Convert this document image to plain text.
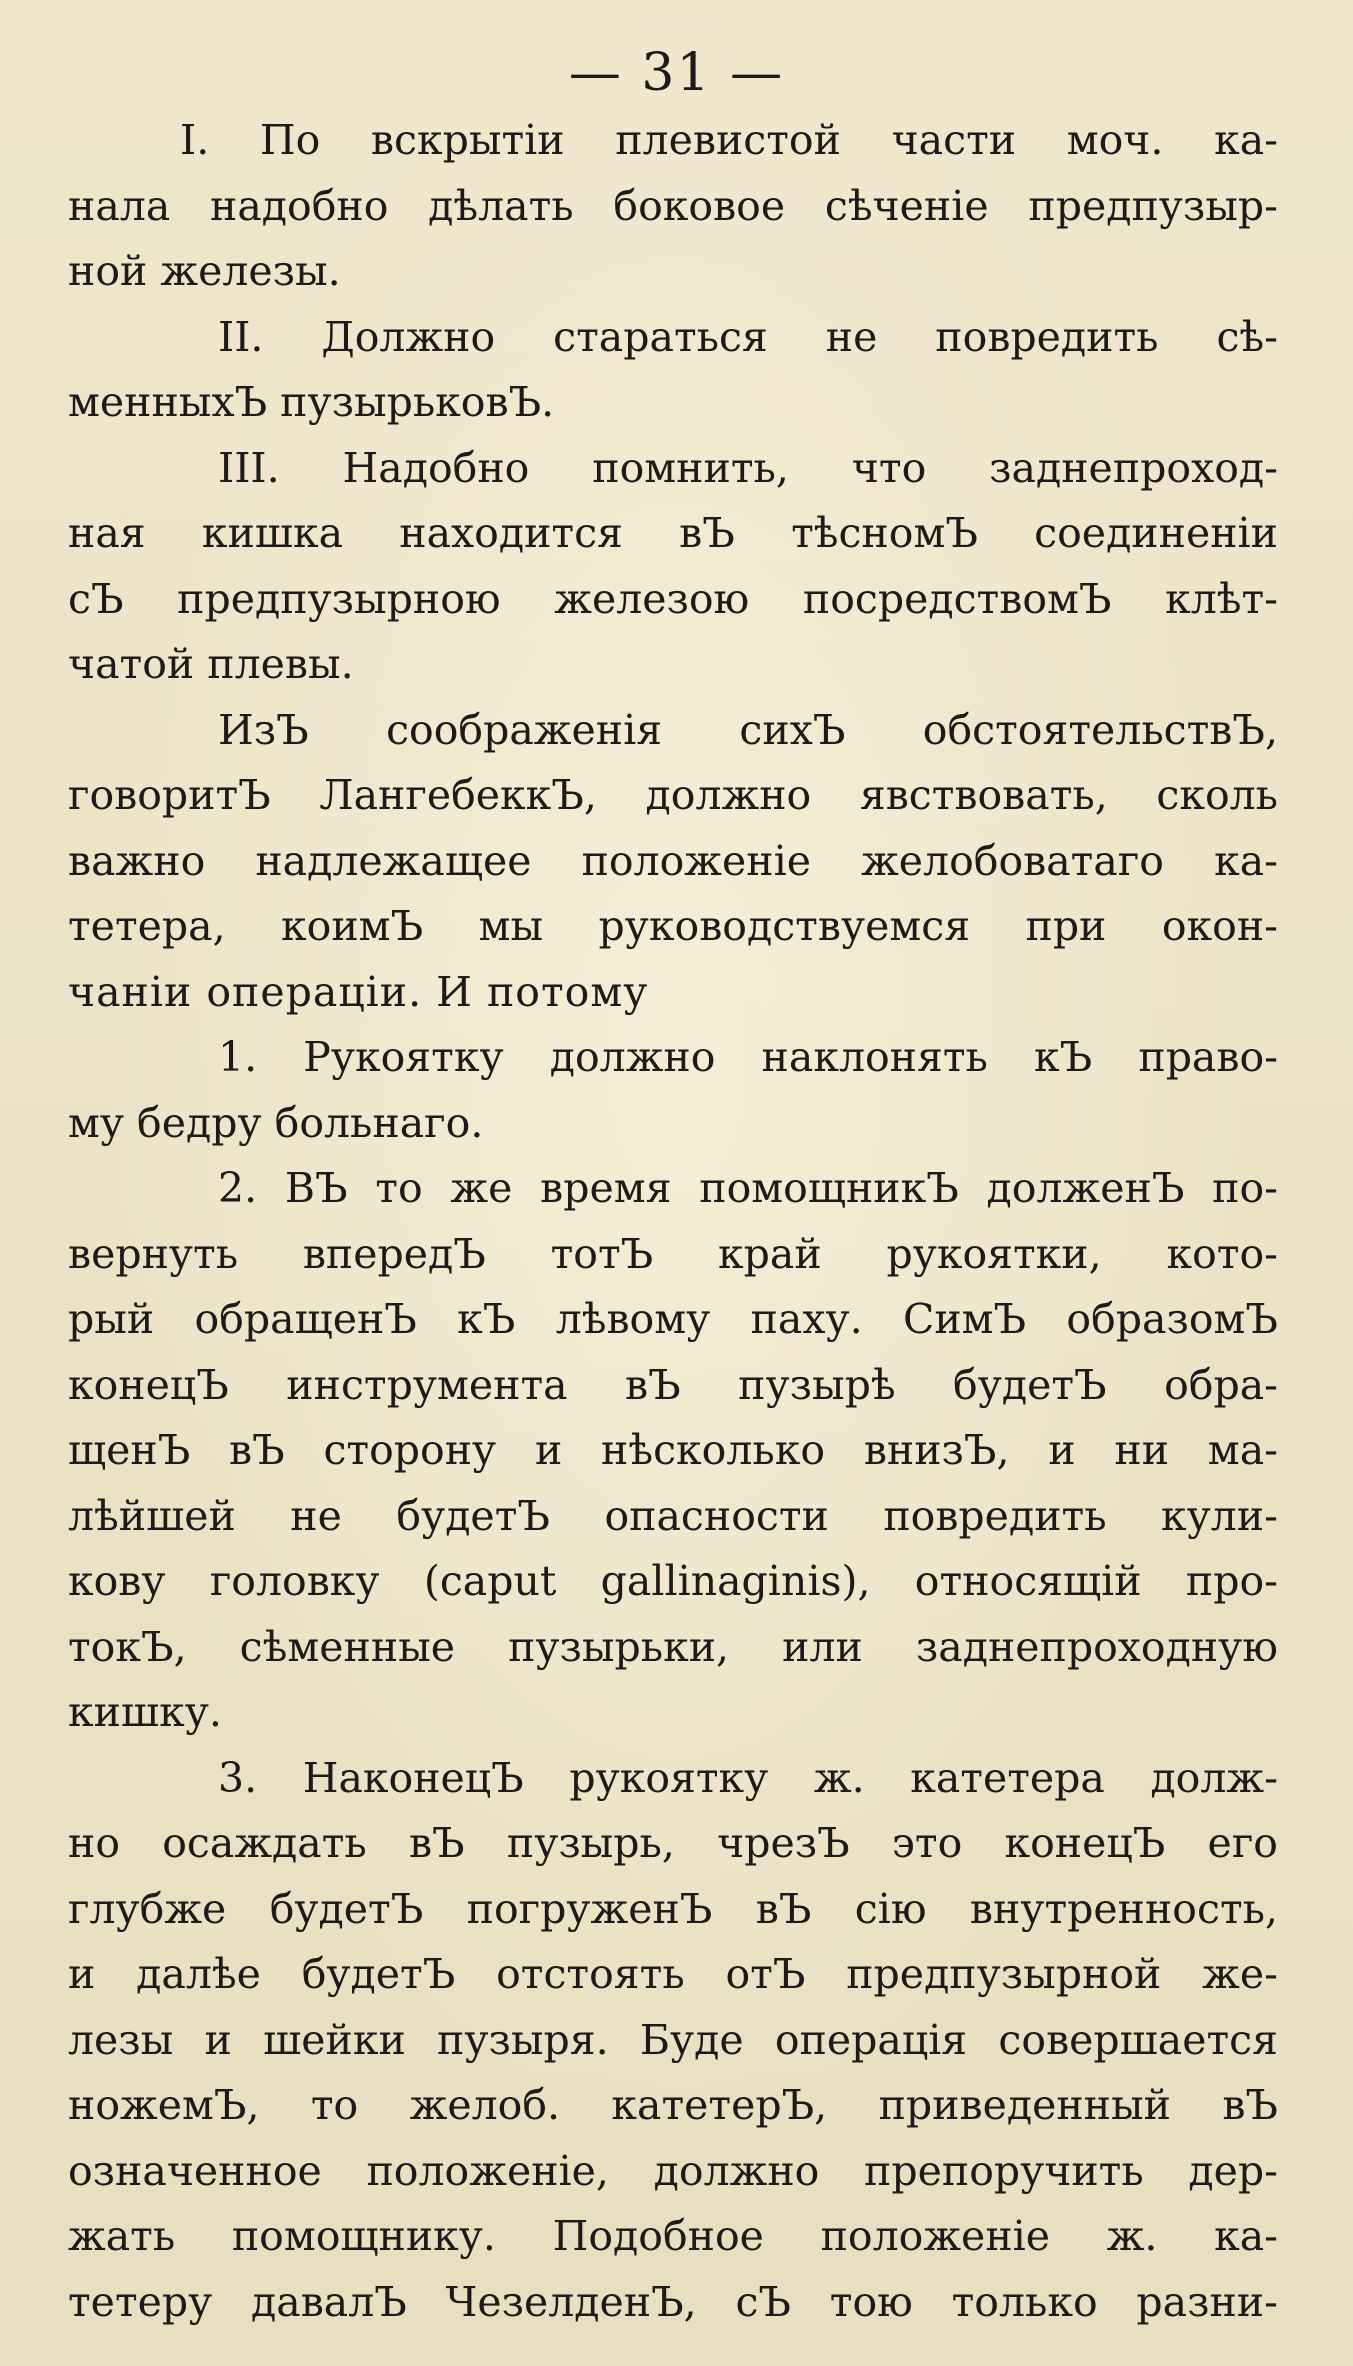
— 31 —
I. По вскрытіи плевистой части моч. ка-
нала надобно дѣлать боковое сѣченіе предпузыр-
ной железы.
II. Должно стараться не повредить сѣ-
менныхЪ пузырьковЪ.
III. Надобно помнить, что заднепроход-
ная кишка находится вЪ тѣсномЪ соединеніи
сЪ предпузырною железою посредствомЪ клѣт-
чатой плевы.
ИзЪ соображенія сихЪ обстоятельствЪ,
говоритЪ ЛангебеккЪ, должно явствовать, сколь
важно надлежащее положеніе желобоватаго ка-
тетера, коимЪ мы руководствуемся при окон-
чаніи операціи. И потому
1. Рукоятку должно наклонять кЪ право-
му бедру больнаго.
2. ВЪ то же время помощникЪ долженЪ по-
вернуть впередЪ тотЪ край рукоятки, кото-
рый обращенЪ кЪ лѣвому паху. СимЪ образомЪ
конецЪ инструмента вЪ пузырѣ будетЪ обра-
щенЪ вЪ сторону и нѣсколько внизЪ, и ни ма-
лѣйшей не будетЪ опасности повредить кули-
кову головку (caput gallinaginis), относящій про-
токЪ, сѣменные пузырьки, или заднепроходную
кишку.
3. НаконецЪ рукоятку ж. катетера долж-
но осаждать вЪ пузырь, чрезЪ это конецЪ его
глубже будетЪ погруженЪ вЪ сію внутренность,
и далѣе будетЪ отстоять отЪ предпузырной же-
лезы и шейки пузыря. Буде операція совершается
ножемЪ, то желоб. катетерЪ, приведенный вЪ
означенное положеніе, должно препоручить дер-
жать помощнику. Подобное положеніе ж. ка-
тетеру давалЪ ЧезелденЪ, сЪ тою только разни-
